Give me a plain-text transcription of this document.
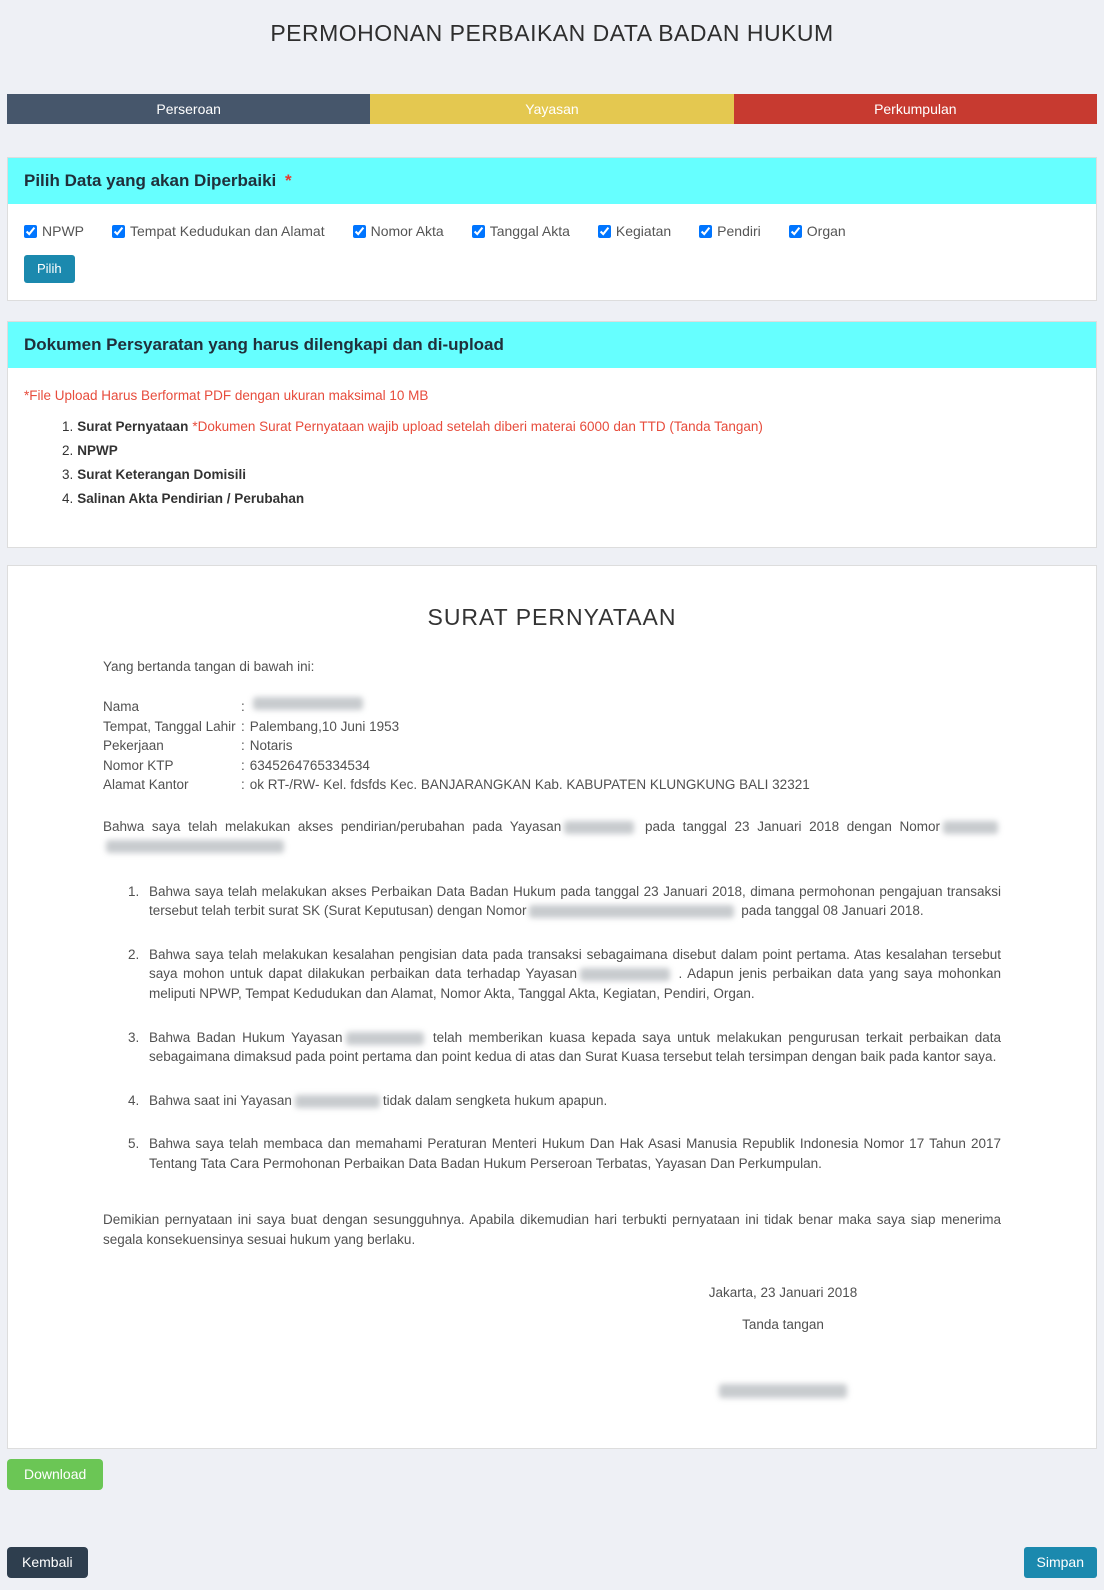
PERMOHONAN PERBAIKAN DATA BADAN HUKUM
Perseroan	Yayasan	Perkumpulan
Pilih Data yang akan Diperbaiki *
NPWP	Tempat Kedudukan dan Alamat	Nomor Akta	Tanggal Akta	Kegiatan	Pendiri	Organ
Pilih
Dokumen Persyaratan yang harus dilengkapi dan di-upload

*File Upload Harus Berformat PDF dengan ukuran maksimal 10 MB

1. Surat Pernyataan *Dokumen Surat Pernyataan wajib upload setelah diberi materai 6000 dan TTD (Tanda Tangan)
2. NPWP
3. Surat Keterangan Domisili
4. Salinan Akta Pendirian / Perubahan
SURAT PERNYATAAN

Yang bertanda tangan di bawah ini:

Nama	:
Tempat, Tanggal Lahir : Palembang,10 Juni 1953
Pekerjaan	: Notaris
Nomor KTP	: 6345264765334534
Alamat Kantor	: ok RT-/RW- Kel. fdsfds Kec. BANJARANGKAN Kab. KABUPATEN KLUNGKUNG BALI 32321

Bahwa saya telah melakukan akses pendirian/perubahan pada Yayasan	pada tanggal 23 Januari 2018 dengan Nomor

1. Bahwa saya telah melakukan akses Perbaikan Data Badan Hukum pada tanggal 23 Januari 2018, dimana permohonan pengajuan transaksi tersebut telah terbit surat SK (Surat Keputusan) dengan Nomor	pada tanggal 08 Januari 2018.
2. Bahwa saya telah melakukan kesalahan pengisian data pada transaksi sebagaimana disebut dalam point pertama. Atas kesalahan tersebut saya mohon untuk dapat dilakukan perbaikan data terhadap Yayasan	. Adapun jenis perbaikan data yang saya mohonkan meliputi NPWP, Tempat Kedudukan dan Alamat, Nomor Akta, Tanggal Akta, Kegiatan, Pendiri, Organ.
3. Bahwa Badan Hukum Yayasan	telah memberikan kuasa kepada saya untuk melakukan pengurusan terkait perbaikan data sebagaimana dimaksud pada point pertama dan point kedua di atas dan Surat Kuasa tersebut telah tersimpan dengan baik pada kantor saya.
4. Bahwa saat ini Yayasan	tidak dalam sengketa hukum apapun.
5. Bahwa saya telah membaca dan memahami Peraturan Menteri Hukum Dan Hak Asasi Manusia Republik Indonesia Nomor 17 Tahun 2017 Tentang Tata Cara Permohonan Perbaikan Data Badan Hukum Perseroan Terbatas, Yayasan Dan Perkumpulan.

Demikian pernyataan ini saya buat dengan sesungguhnya. Apabila dikemudian hari terbukti pernyataan ini tidak benar maka saya siap menerima segala konsekuensinya sesuai hukum yang berlaku.

Jakarta, 23 Januari 2018
Tanda tangan
Download
Kembali	Simpan
